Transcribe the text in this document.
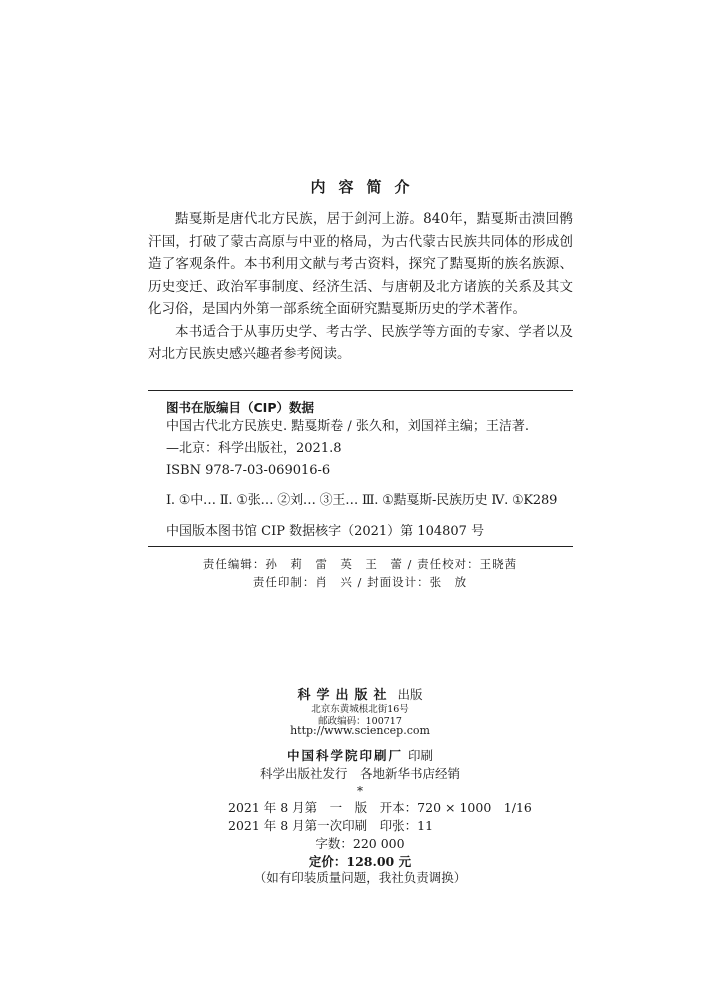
内容简介

黠戛斯是唐代北方民族，居于剑河上游。840年，黠戛斯击溃回鹘汗国，打破了蒙古高原与中亚的格局，为古代蒙古民族共同体的形成创造了客观条件。本书利用文献与考古资料，探究了黠戛斯的族名族源、历史变迁、政治军事制度、经济生活、与唐朝及北方诸族的关系及其文化习俗，是国内外第一部系统全面研究黠戛斯历史的学术著作。

本书适合于从事历史学、考古学、民族学等方面的专家、学者以及对北方民族史感兴趣者参考阅读。

图书在版编目（CIP）数据
中国古代北方民族史. 黠戛斯卷 / 张久和，刘国祥主编；王洁著.
—北京：科学出版社，2021.8
ISBN 978-7-03-069016-6
Ⅰ. ①中… Ⅱ. ①张… ②刘… ③王… Ⅲ. ①黠戛斯-民族历史 Ⅳ. ①K289
中国版本图书馆 CIP 数据核字（2021）第 104807 号
责任编辑：孙　莉　雷　英　王　蕾 / 责任校对：王晓茜
责任印制：肖　兴 / 封面设计：张　放
科学出版社 出版
北京东黄城根北街16号
邮政编码：100717
http://www.sciencep.com
中国科学院印刷厂 印刷
科学出版社发行　各地新华书店经销
*
2021 年 8 月第　一　版　开本：720 × 1000　1/16
2021 年 8 月第一次印刷　印张：11
字数：220 000
定价：128.00 元
（如有印装质量问题，我社负责调换）
